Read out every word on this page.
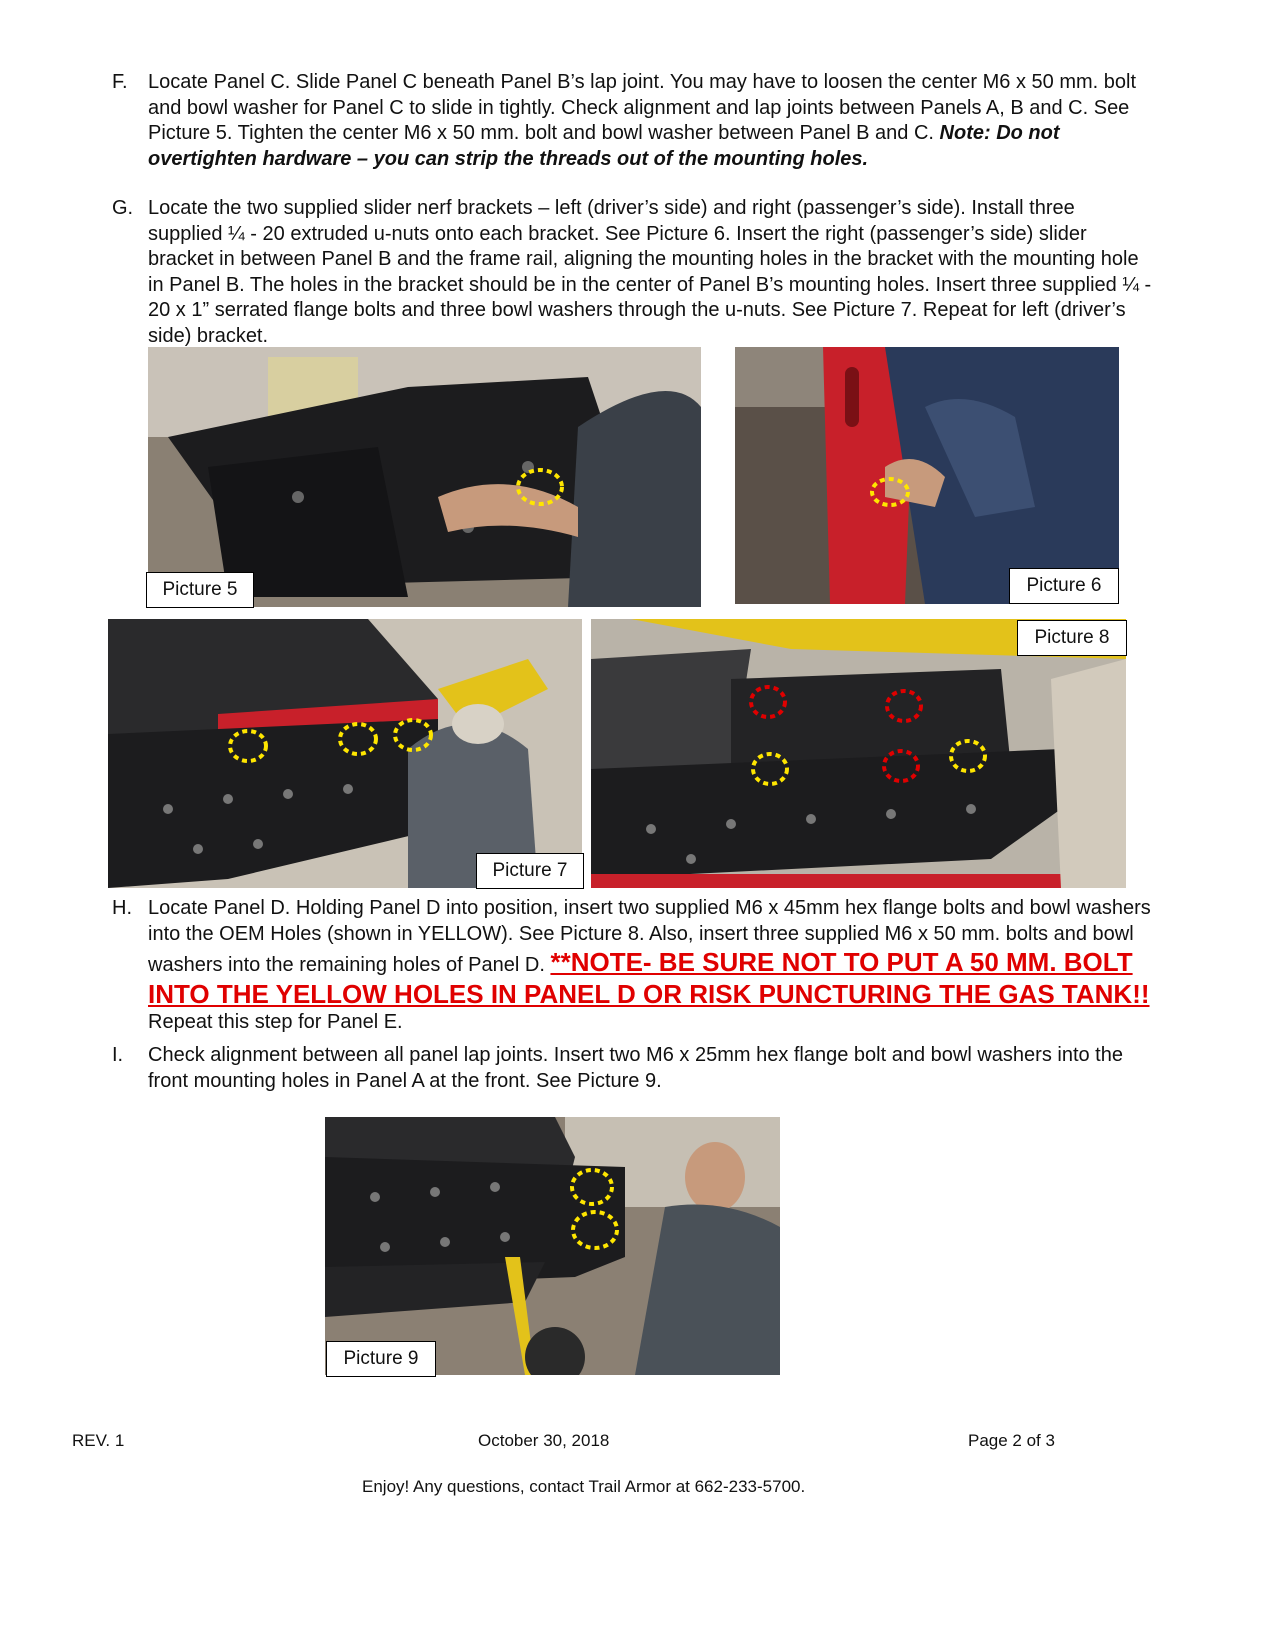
F. Locate Panel C. Slide Panel C beneath Panel B’s lap joint. You may have to loosen the center M6 x 50 mm. bolt and bowl washer for Panel C to slide in tightly. Check alignment and lap joints between Panels A, B and C. See Picture 5. Tighten the center M6 x 50 mm. bolt and bowl washer between Panel B and C. Note: Do not overtighten hardware – you can strip the threads out of the mounting holes.
G. Locate the two supplied slider nerf brackets – left (driver’s side) and right (passenger’s side). Install three supplied ¼ - 20 extruded u-nuts onto each bracket. See Picture 6. Insert the right (passenger’s side) slider bracket in between Panel B and the frame rail, aligning the mounting holes in the bracket with the mounting hole in Panel B. The holes in the bracket should be in the center of Panel B’s mounting holes. Insert three supplied ¼ - 20 x 1” serrated flange bolts and three bowl washers through the u-nuts. See Picture 7. Repeat for left (driver’s side) bracket.
Picture 5	Picture 6
Picture 7
Picture 8
H. Locate Panel D. Holding Panel D into position, insert two supplied M6 x 45mm hex flange bolts and bowl washers into the OEM Holes (shown in YELLOW). See Picture 8. Also, insert three supplied M6 x 50 mm. bolts and bowl washers into the remaining holes of Panel D. **NOTE- BE SURE NOT TO PUT A 50 MM. BOLT INTO THE YELLOW HOLES IN PANEL D OR RISK PUNCTURING THE GAS TANK!! Repeat this step for Panel E.
I. Check alignment between all panel lap joints. Insert two M6 x 25mm hex flange bolt and bowl washers into the front mounting holes in Panel A at the front. See Picture 9.
Picture 9
REV. 1	October 30, 2018	Page 2 of 3
Enjoy! Any questions, contact Trail Armor at 662-233-5700.
